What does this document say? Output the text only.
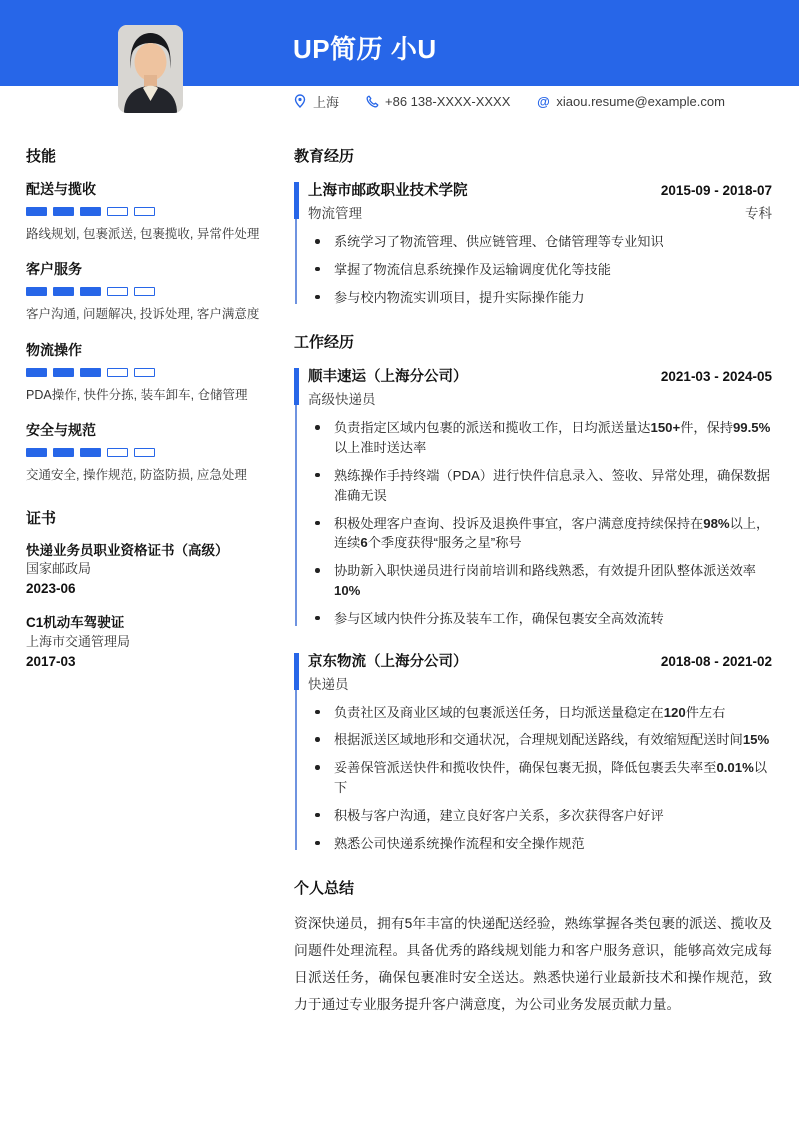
UP简历 小U
上海	+86 138-XXXX-XXXX @ xiaou.resume@example.com
技能
配送与揽收
路线规划, 包裹派送, 包裹揽收, 异常件处理
客户服务
客户沟通, 问题解决, 投诉处理, 客户满意度
物流操作
PDA操作, 快件分拣, 装车卸车, 仓储管理
安全与规范
交通安全, 操作规范, 防盗防损, 应急处理
证书
快递业务员职业资格证书（高级）
国家邮政局
2023-06
C1机动车驾驶证
上海市交通管理局
2017-03
教育经历
上海市邮政职业技术学院	2015-09 - 2018-07
物流管理	专科
系统学习了物流管理、供应链管理、仓储管理等专业知识
掌握了物流信息系统操作及运输调度优化等技能
参与校内物流实训项目，提升实际操作能力
工作经历
顺丰速运（上海分公司）	2021-03 - 2024-05
高级快递员
负责指定区域内包裹的派送和揽收工作，日均派送量达150+件，保持99.5%以上准时送达率
熟练操作手持终端（PDA）进行快件信息录入、签收、异常处理，确保数据准确无误
积极处理客户查询、投诉及退换件事宜，客户满意度持续保持在98%以上，连续6个季度获得“服务之星”称号
协助新入职快递员进行岗前培训和路线熟悉，有效提升团队整体派送效率10%
参与区域内快件分拣及装车工作，确保包裹安全高效流转
京东物流（上海分公司）	2018-08 - 2021-02
快递员
负责社区及商业区域的包裹派送任务，日均派送量稳定在120件左右
根据派送区域地形和交通状况，合理规划配送路线，有效缩短配送时间15%
妥善保管派送快件和揽收快件，确保包裹无损，降低包裹丢失率至0.01%以下
积极与客户沟通，建立良好客户关系，多次获得客户好评
熟悉公司快递系统操作流程和安全操作规范
个人总结

资深快递员，拥有5年丰富的快递配送经验，熟练掌握各类包裹的派送、揽收及问题件处理流程。具备优秀的路线规划能力和客户服务意识，能够高效完成每日派送任务，确保包裹准时安全送达。熟悉快递行业最新技术和操作规范，致力于通过专业服务提升客户满意度，为公司业务发展贡献力量。
